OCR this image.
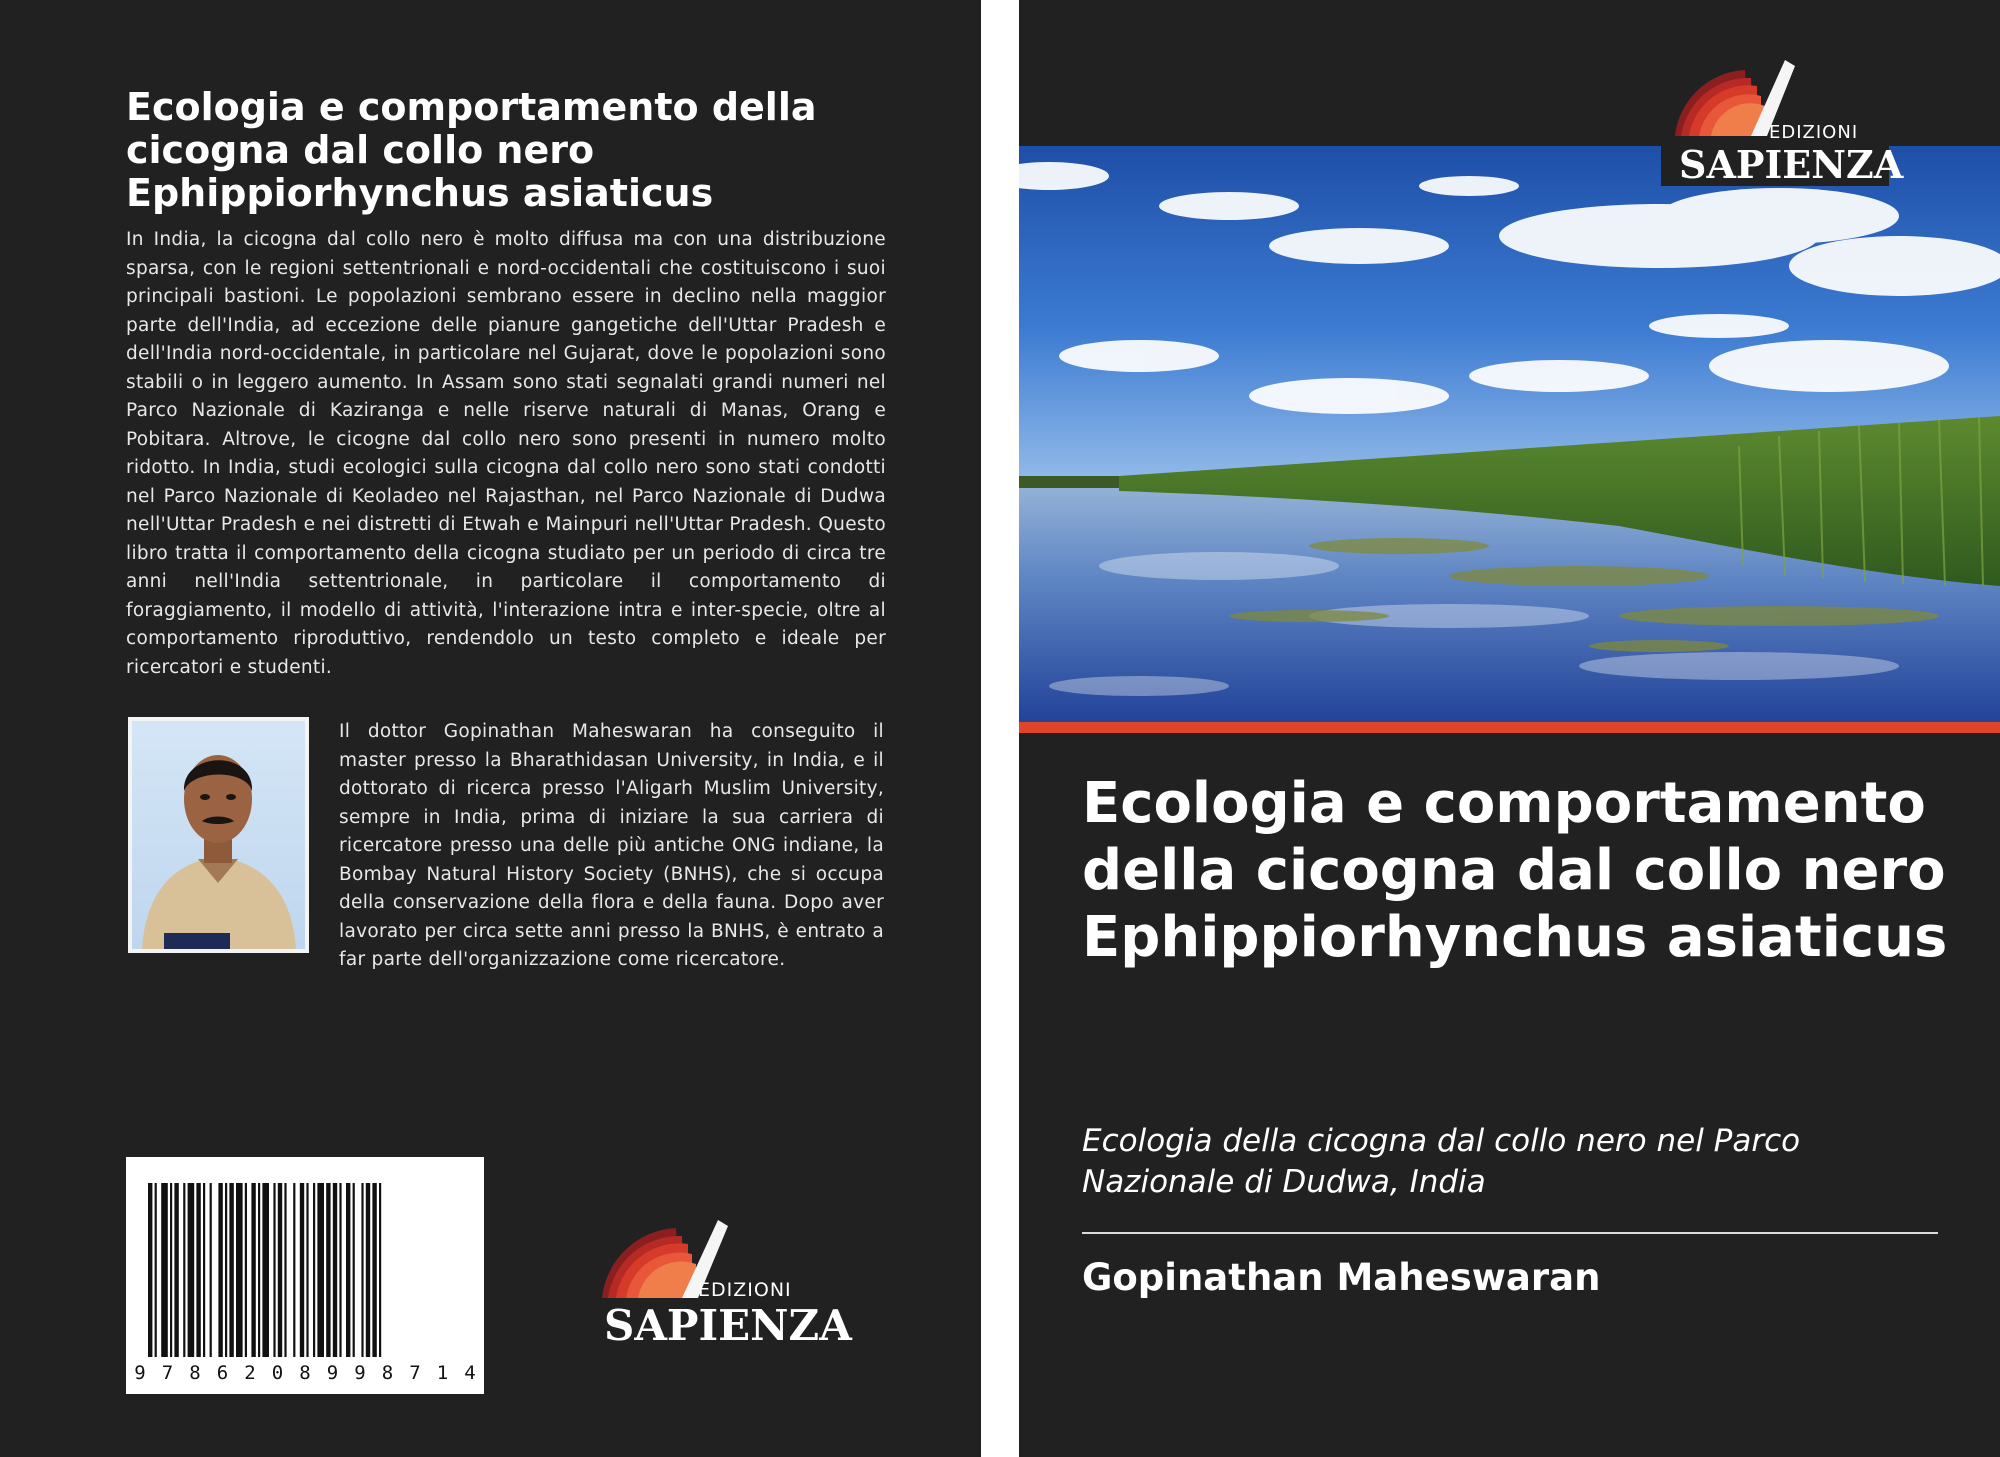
Ecologia e comportamento della cicogna dal collo nero Ephippiorhynchus asiaticus

In India, la cicogna dal collo nero è molto diffusa ma con una distribuzione sparsa, con le regioni settentrionali e nord-occidentali che costituiscono i suoi principali bastioni. Le popolazioni sembrano essere in declino nella maggior parte dell'India, ad eccezione delle pianure gangetiche dell'Uttar Pradesh e dell'India nord-occidentale, in particolare nel Gujarat, dove le popolazioni sono stabili o in leggero aumento. In Assam sono stati segnalati grandi numeri nel Parco Nazionale di Kaziranga e nelle riserve naturali di Manas, Orang e Pobitara. Altrove, le cicogne dal collo nero sono presenti in numero molto ridotto. In India, studi ecologici sulla cicogna dal collo nero sono stati condotti nel Parco Nazionale di Keoladeo nel Rajasthan, nel Parco Nazionale di Dudwa nell'Uttar Pradesh e nei distretti di Etwah e Mainpuri nell'Uttar Pradesh. Questo libro tratta il comportamento della cicogna studiato per un periodo di circa tre anni nell'India settentrionale, in particolare il comportamento di foraggiamento, il modello di attività, l'interazione intra e inter-specie, oltre al comportamento riproduttivo, rendendolo un testo completo e ideale per ricercatori e studenti.

Il dottor Gopinathan Maheswaran ha conseguito il master presso la Bharathidasan University, in India, e il dottorato di ricerca presso l'Aligarh Muslim University, sempre in India, prima di iniziare la sua carriera di ricercatore presso una delle più antiche ONG indiane, la Bombay Natural History Society (BNHS), che si occupa della conservazione della flora e della fauna. Dopo aver lavorato per circa sette anni presso la BNHS, è entrato a far parte dell'organizzazione come ricercatore.

9 7 8 6 2 0 8 9 9 8 7 1 4
EDIZIONI
SAPIENZA
EDIZIONI
SAPIENZA
Ecologia e comportamento della cicogna dal collo nero Ephippiorhynchus asiaticus

Ecologia della cicogna dal collo nero nel Parco Nazionale di Dudwa, India

Gopinathan Maheswaran
